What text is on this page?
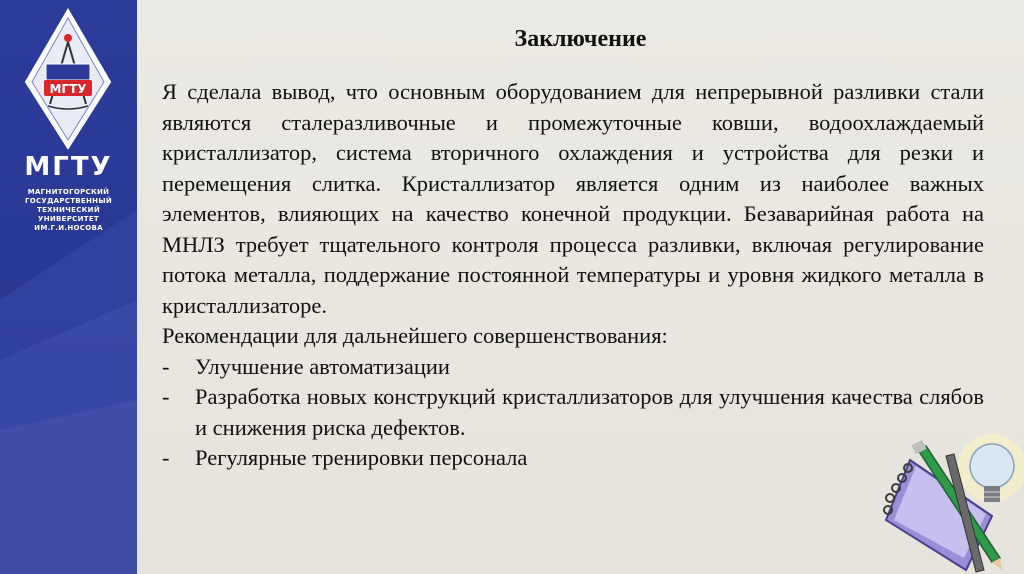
МГТУ
МГТУ
МАГНИТОГОРСКИЙ
ГОСУДАРСТВЕННЫЙ
ТЕХНИЧЕСКИЙ
УНИВЕРСИТЕТ
ИМ.Г.И.НОСОВА
Заключение
Я сделала вывод, что основным оборудованием для непрерывной разливки стали являются сталеразливочные и промежуточные ковши, водоохлаждаемый кристаллизатор, система вторичного охлаждения и устройства для резки и перемещения слитка. Кристаллизатор является одним из наиболее важных элементов, влияющих на качество конечной продукции. Безаварийная работа на МНЛЗ требует тщательного контроля процесса разливки, включая регулирование потока металла, поддержание постоянной температуры и уровня жидкого металла в кристаллизаторе.
Рекомендации для дальнейшего совершенствования:
- Улучшение автоматизации
- Разработка новых конструкций кристаллизаторов для улучшения качества слябов и снижения риска дефектов.
- Регулярные тренировки персонала
